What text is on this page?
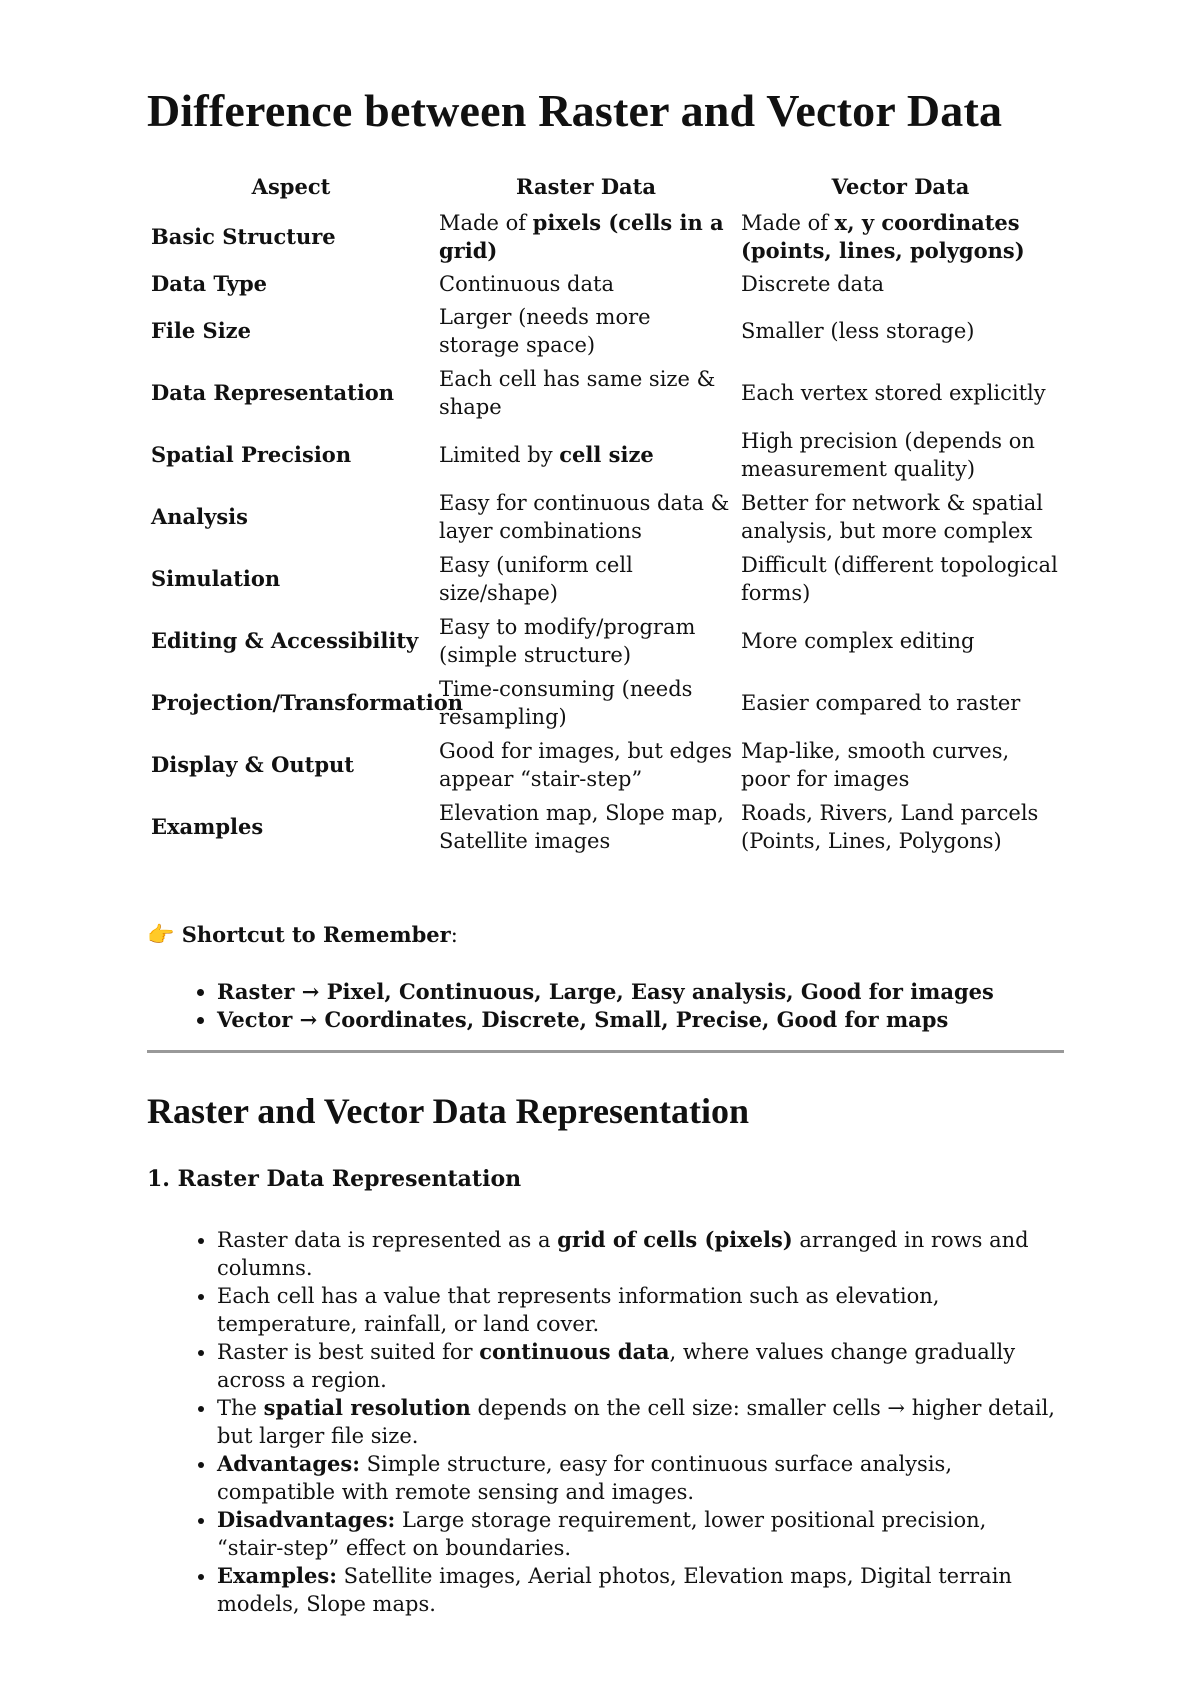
Difference between Raster and Vector Data
Aspect	Raster Data	Vector Data
Basic Structure	Made of pixels (cells in a grid)	Made of x, y coordinates (points, lines, polygons)
Data Type	Continuous data	Discrete data
File Size	Larger (needs more storage space)	Smaller (less storage)
Data Representation	Each cell has same size & shape	Each vertex stored explicitly
Spatial Precision	Limited by cell size	High precision (depends on measurement quality)
Analysis	Easy for continuous data & layer combinations	Better for network & spatial analysis, but more complex
Simulation	Easy (uniform cell size/shape)	Difficult (different topological forms)
Editing & Accessibility	Easy to modify/program (simple structure)	More complex editing
Projection/Transformation	Time-consuming (needs resampling)	Easier compared to raster
Display & Output	Good for images, but edges appear “stair-step”	Map-like, smooth curves, poor for images
Examples	Elevation map, Slope map, Satellite images	Roads, Rivers, Land parcels (Points, Lines, Polygons)
👉 Shortcut to Remember:
• Raster → Pixel, Continuous, Large, Easy analysis, Good for images
• Vector → Coordinates, Discrete, Small, Precise, Good for maps
Raster and Vector Data Representation
1. Raster Data Representation
• Raster data is represented as a grid of cells (pixels) arranged in rows and columns.
• Each cell has a value that represents information such as elevation, temperature, rainfall, or land cover.
• Raster is best suited for continuous data, where values change gradually across a region.
• The spatial resolution depends on the cell size: smaller cells → higher detail, but larger file size.
• Advantages: Simple structure, easy for continuous surface analysis, compatible with remote sensing and images.
• Disadvantages: Large storage requirement, lower positional precision, “stair-step” effect on boundaries.
• Examples: Satellite images, Aerial photos, Elevation maps, Digital terrain models, Slope maps.
